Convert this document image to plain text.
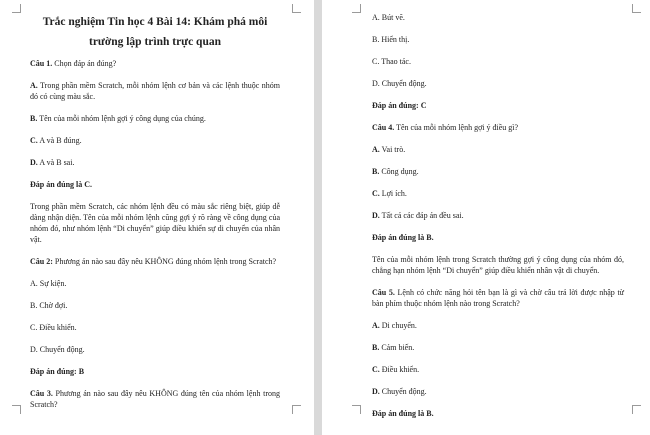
Trắc nghiệm Tin học 4 Bài 14: Khám phá môi
trường lập trình trực quan
Câu 1. Chọn đáp án đúng?
A. Trong phần mềm Scratch, mỗi nhóm lệnh cơ bản và các lệnh thuộc nhóm đó có cùng màu sắc.
B. Tên của mỗi nhóm lệnh gợi ý công dụng của chúng.
C. A và B đúng.
D. A và B sai.
Đáp án đúng là C.
Trong phần mềm Scratch, các nhóm lệnh đều có màu sắc riêng biệt, giúp dễ dàng nhận diện. Tên của mỗi nhóm lệnh cũng gợi ý rõ ràng về công dụng của nhóm đó, như nhóm lệnh “Di chuyển” giúp điều khiển sự di chuyển của nhân vật.
Câu 2: Phương án nào sau đây nêu KHÔNG đúng nhóm lệnh trong Scratch?
A. Sự kiện.
B. Chờ đợi.
C. Điều khiển.
D. Chuyển động.
Đáp án đúng: B
Câu 3. Phương án nào sau đây nêu KHÔNG đúng tên của nhóm lệnh trong Scratch?
A. Bút vẽ.
B. Hiển thị.
C. Thao tác.
D. Chuyển động.
Đáp án đúng: C
Câu 4. Tên của mỗi nhóm lệnh gợi ý điều gì?
A. Vai trò.
B. Công dụng.
C. Lợi ích.
D. Tất cả các đáp án đều sai.
Đáp án đúng là B.
Tên của mỗi nhóm lệnh trong Scratch thường gợi ý công dụng của nhóm đó, chẳng hạn nhóm lệnh “Di chuyển” giúp điều khiển nhân vật di chuyển.
Câu 5. Lệnh có chức năng hỏi tên bạn là gì và chờ câu trả lời được nhập từ bàn phím thuộc nhóm lệnh nào trong Scratch?
A. Di chuyển.
B. Cảm biến.
C. Điều khiển.
D. Chuyển động.
Đáp án đúng là B.
